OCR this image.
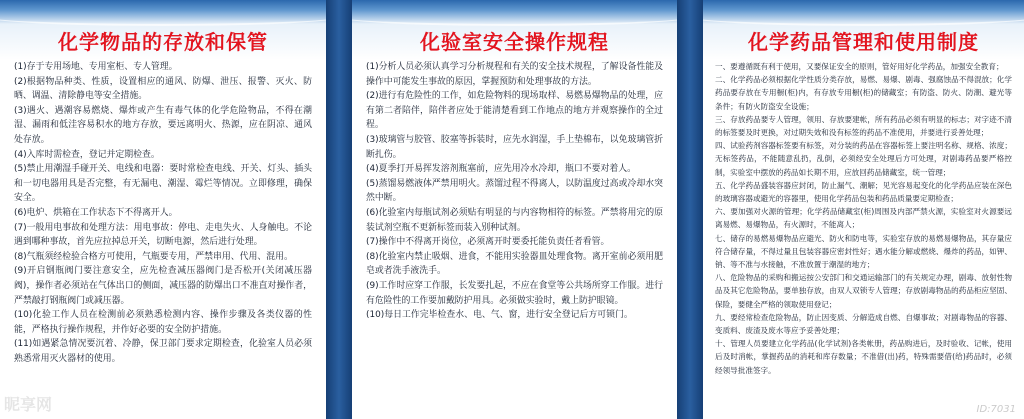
化学物品的存放和保管

(1)存于专用场地、专用室柜、专人管理。

(2)根据物品种类、性质，设置相应的通风、防爆、泄压、报警、灭火、防晒、调温、清除静电等安全措施。

(3)遇火、遇潮容易燃烧、爆炸或产生有毒气体的化学危险物品，不得在潮湿、漏雨和低洼容易积水的地方存放，要远离明火、热源，应在阴凉、通风处存放。

(4)入库时需检查，登记并定期检查。

(5)禁止用潮湿手碰开关、电线和电器：要时常检查电线、开关、灯头、插头和一切电器用具是否完整，有无漏电、潮湿、霉烂等情况。立即修理，确保安全。

(6)电炉、烘箱在工作状态下不得离开人。

(7)一般用电事故和处理方法：用电事故：停电、走电失火、人身触电。不论遇到哪种事故，首先应拉掉总开关，切断电源，然后进行处理。

(8)气瓶须经检验合格方可使用，气瓶要专用，严禁串用、代用、混用。

(9)开启钢瓶阀门要注意安全，应先检查减压器阀门是否松开(关闭减压器阀)，操作者必须站在气体出口的侧面，减压器的防爆出口不准直对操作者，严禁敲打钢瓶阀门或减压器。

(10)化验工作人员在检测前必须熟悉检测内容、操作步骤及各类仪器的性能，严格执行操作规程，并作好必要的安全防护措施。

(11)如遇紧急情况要沉着、冷静，保卫部门要求定期检查，化验室人员必须熟悉常用灭火器材的使用。

昵享网
化验室安全操作规程

(1)分析人员必须认真学习分析规程和有关的安全技术规程，了解设备性能及操作中可能发生事故的原因，掌握预防和处理事故的方法。

(2)进行有危险性的工作，如危险物料的现场取样、易燃易爆物品的处理，应有第二者陪伴，陪伴者应处于能清楚看到工作地点的地方并观察操作的全过程。

(3)玻璃管与胶管、胶塞等拆装时，应先水润湿，手上垫棉布，以免玻璃管折断扎伤。

(4)夏季打开易挥发溶剂瓶塞前，应先用冷水冷却，瓶口不要对着人。

(5)蒸馏易燃液体严禁用明火。蒸馏过程不得离人，以防温度过高或冷却水突然中断。

(6)化验室内每瓶试剂必须贴有明显的与内容物相符的标签。严禁将用完的原装试剂空瓶不更新标签而装入别种试剂。

(7)操作中不得离开岗位，必须离开时要委托能负责任者看管。

(8)化验室内禁止吸烟、进食，不能用实验器皿处理食物。离开室前必须用肥皂或者洗手液洗手。

(9)工作时应穿工作服，长发要扎起，不应在食堂等公共场所穿工作服。进行有危险性的工作要加戴防护用具。必须做实验时，戴上防护眼镜。

(10)每日工作完毕检查水、电、气、窗，进行安全登记后方可锁门。

化学药品管理和使用制度

一、要遵循既有利于使用，又要保证安全的原则，管好用好化学药品，加强安全教育；

二、化学药品必须根据化学性质分类存放，易燃、易爆、剧毒、强腐蚀品不得混放；化学药品要存放在专用橱(柜)内，有存放专用橱(柜)的储藏室；有防盗、防火、防潮、避光等条件；有防火防盗安全设施；

三、存放药品要专人管理，领用、存放要建帐，所有药品必须有明显的标志；对字迹不清的标签要及时更换，对过期失效和没有标签的药品不准使用，并要进行妥善处理；

四、试验药剂容器标签要有标签，对分装的药品在容器标签上要注明名称、规格、浓度；无标签药品，不能随意乱扔，乱倒，必须经安全处理后方可处理，对剧毒药品要严格控制，实验室中摆放的药品如长期不用，应放回药品储藏室，统一管理；

五、化学药品盛装容器应封闭，防止漏气、潮解；见光容易起变化的化学药品应装在深色的玻璃容器或避光的容器里，使用化学药品包装和药品质量要定期检查；

六、要加强对火源的管理；化学药品储藏室(柜)周围及内部严禁火源，实验室对火源要远离易燃、易爆物品，有火源时，不能离人；

七、储存的易燃易爆物品应避光、防火和防电等，实验室存放的易燃易爆物品，其存量应符合储存量，不得过量且包装容器应密封性好；遇水能分解或燃烧、爆炸的药品，如钾、钠、等不准与水接触，不准放置于潮湿的地方；

八、危险物品的采购和搬运按公安部门和交通运输部门的有关规定办理，剧毒、放射性物品及其它危险物品，要单独存放，由双人双锁专人管理；存放剧毒物品的药品柜应坚固、保险，要健全严格的领取使用登记；

九、要经常检查危险物品，防止因变质、分解造成自燃、自爆事故；对剧毒物品的容器、变质料、废渣及废水等应予妥善处理；

十、管理人员要建立化学药品(化学试剂)各类帐册，药品购进后，及时验收、记帐，使用后及时消帐，掌握药品的消耗和库存数量；不准借(出)药，特殊需要借(给)药品时，必须经领导批准签字。

ID:7031
